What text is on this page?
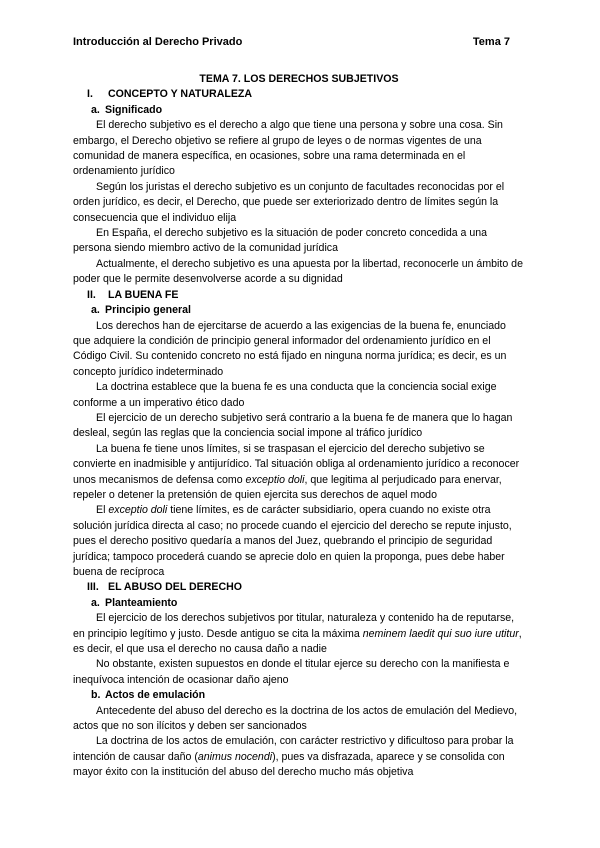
Introducción al Derecho Privado	Tema 7
TEMA 7. LOS DERECHOS SUBJETIVOS
I. CONCEPTO Y NATURALEZA
a. Significado

El derecho subjetivo es el derecho a algo que tiene una persona y sobre una cosa. Sin embargo, el Derecho objetivo se refiere al grupo de leyes o de normas vigentes de una comunidad de manera específica, en ocasiones, sobre una rama determinada en el ordenamiento jurídico

Según los juristas el derecho subjetivo es un conjunto de facultades reconocidas por el orden jurídico, es decir, el Derecho, que puede ser exteriorizado dentro de límites según la consecuencia que el individuo elija

En España, el derecho subjetivo es la situación de poder concreto concedida a una persona siendo miembro activo de la comunidad jurídica

Actualmente, el derecho subjetivo es una apuesta por la libertad, reconocerle un ámbito de poder que le permite desenvolverse acorde a su dignidad

II. LA BUENA FE
a. Principio general

Los derechos han de ejercitarse de acuerdo a las exigencias de la buena fe, enunciado que adquiere la condición de principio general informador del ordenamiento jurídico en el Código Civil. Su contenido concreto no está fijado en ninguna norma jurídica; es decir, es un concepto jurídico indeterminado

La doctrina establece que la buena fe es una conducta que la conciencia social exige conforme a un imperativo ético dado

El ejercicio de un derecho subjetivo será contrario a la buena fe de manera que lo hagan desleal, según las reglas que la conciencia social impone al tráfico jurídico

La buena fe tiene unos límites, si se traspasan el ejercicio del derecho subjetivo se convierte en inadmisible y antijurídico. Tal situación obliga al ordenamiento jurídico a reconocer unos mecanismos de defensa como exceptio doli, que legitima al perjudicado para enervar, repeler o detener la pretensión de quien ejercita sus derechos de aquel modo

El exceptio doli tiene límites, es de carácter subsidiario, opera cuando no existe otra solución jurídica directa al caso; no procede cuando el ejercicio del derecho se repute injusto, pues el derecho positivo quedaría a manos del Juez, quebrando el principio de seguridad jurídica; tampoco procederá cuando se aprecie dolo en quien la proponga, pues debe haber buena de recíproca

III. EL ABUSO DEL DERECHO
a. Planteamiento

El ejercicio de los derechos subjetivos por titular, naturaleza y contenido ha de reputarse, en principio legítimo y justo. Desde antiguo se cita la máxima neminem laedit qui suo iure utitur, es decir, el que usa el derecho no causa daño a nadie

No obstante, existen supuestos en donde el titular ejerce su derecho con la manifiesta e inequívoca intención de ocasionar daño ajeno

b. Actos de emulación

Antecedente del abuso del derecho es la doctrina de los actos de emulación del Medievo, actos que no son ilícitos y deben ser sancionados

La doctrina de los actos de emulación, con carácter restrictivo y dificultoso para probar la intención de causar daño (animus nocendi), pues va disfrazada, aparece y se consolida con mayor éxito con la institución del abuso del derecho mucho más objetiva
